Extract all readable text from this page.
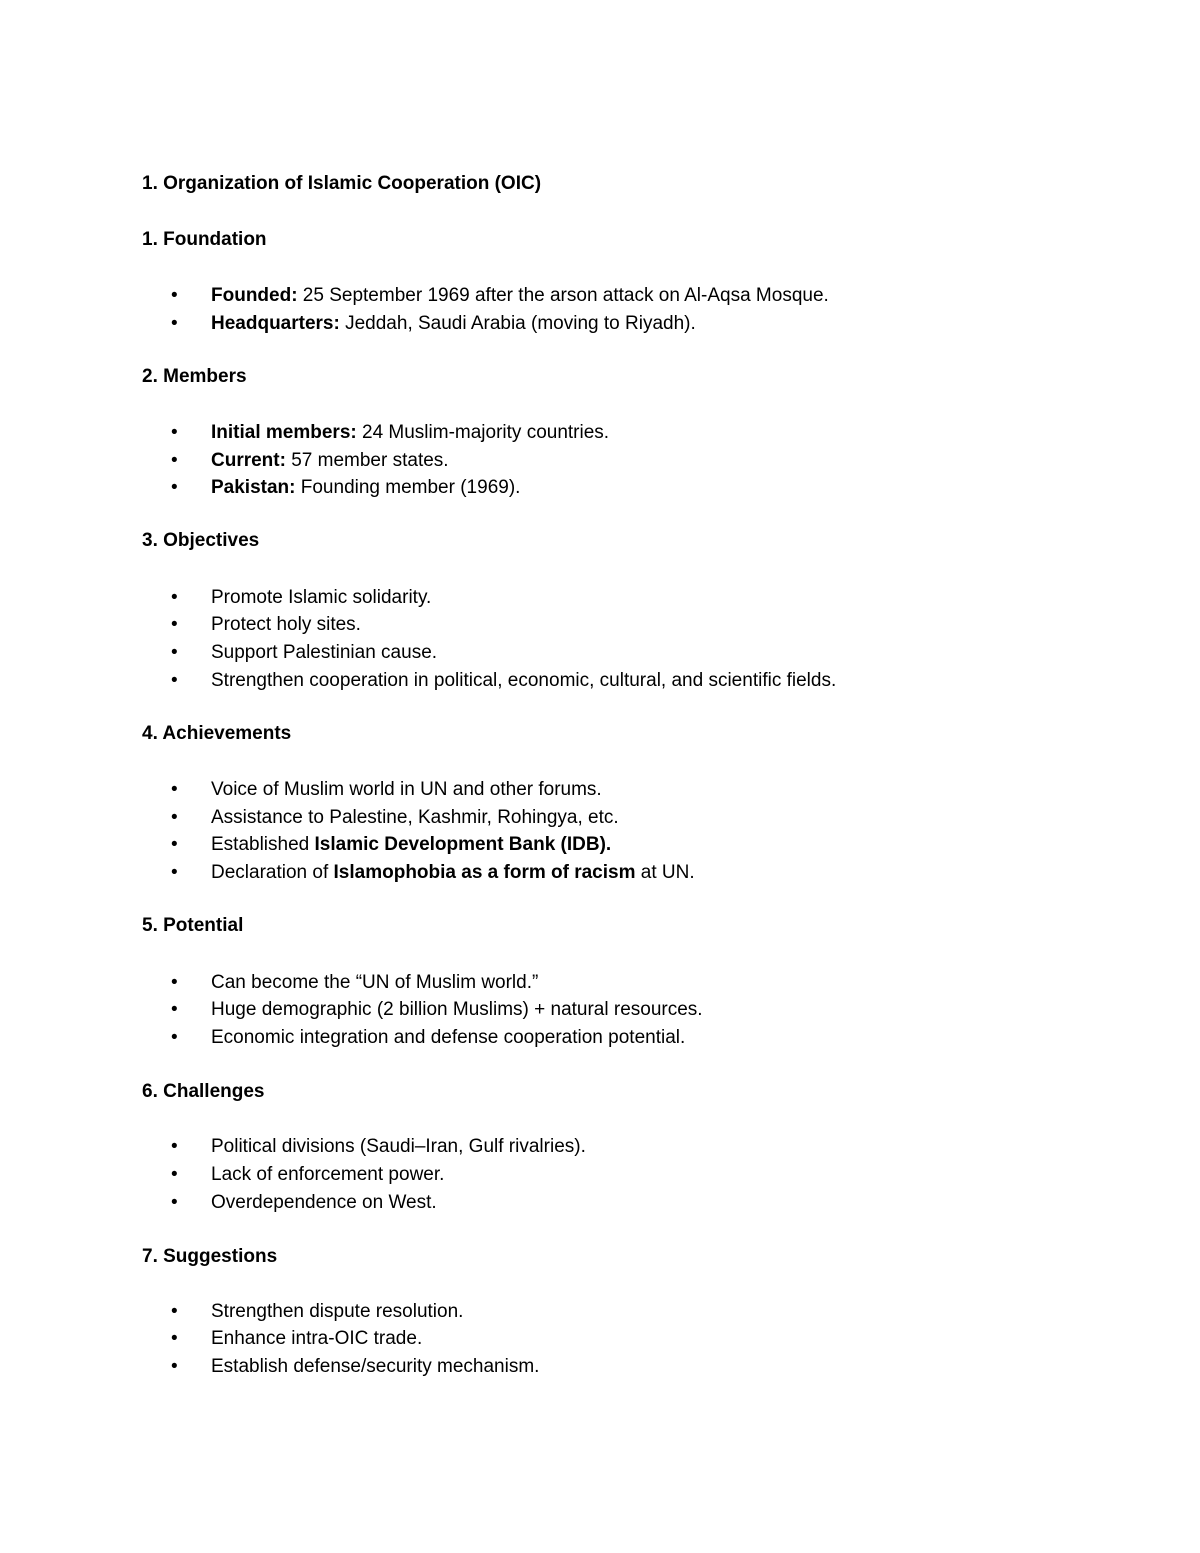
1. Organization of Islamic Cooperation (OIC)
1. Foundation
• Founded: 25 September 1969 after the arson attack on Al-Aqsa Mosque.
• Headquarters: Jeddah, Saudi Arabia (moving to Riyadh).
2. Members
• Initial members: 24 Muslim-majority countries.
• Current: 57 member states.
• Pakistan: Founding member (1969).
3. Objectives
• Promote Islamic solidarity.
• Protect holy sites.
• Support Palestinian cause.
• Strengthen cooperation in political, economic, cultural, and scientific fields.
4. Achievements
• Voice of Muslim world in UN and other forums.
• Assistance to Palestine, Kashmir, Rohingya, etc.
• Established Islamic Development Bank (IDB).
• Declaration of Islamophobia as a form of racism at UN.
5. Potential
• Can become the “UN of Muslim world.”
• Huge demographic (2 billion Muslims) + natural resources.
• Economic integration and defense cooperation potential.
6. Challenges
• Political divisions (Saudi–Iran, Gulf rivalries).
• Lack of enforcement power.
• Overdependence on West.
7. Suggestions
• Strengthen dispute resolution.
• Enhance intra-OIC trade.
• Establish defense/security mechanism.
